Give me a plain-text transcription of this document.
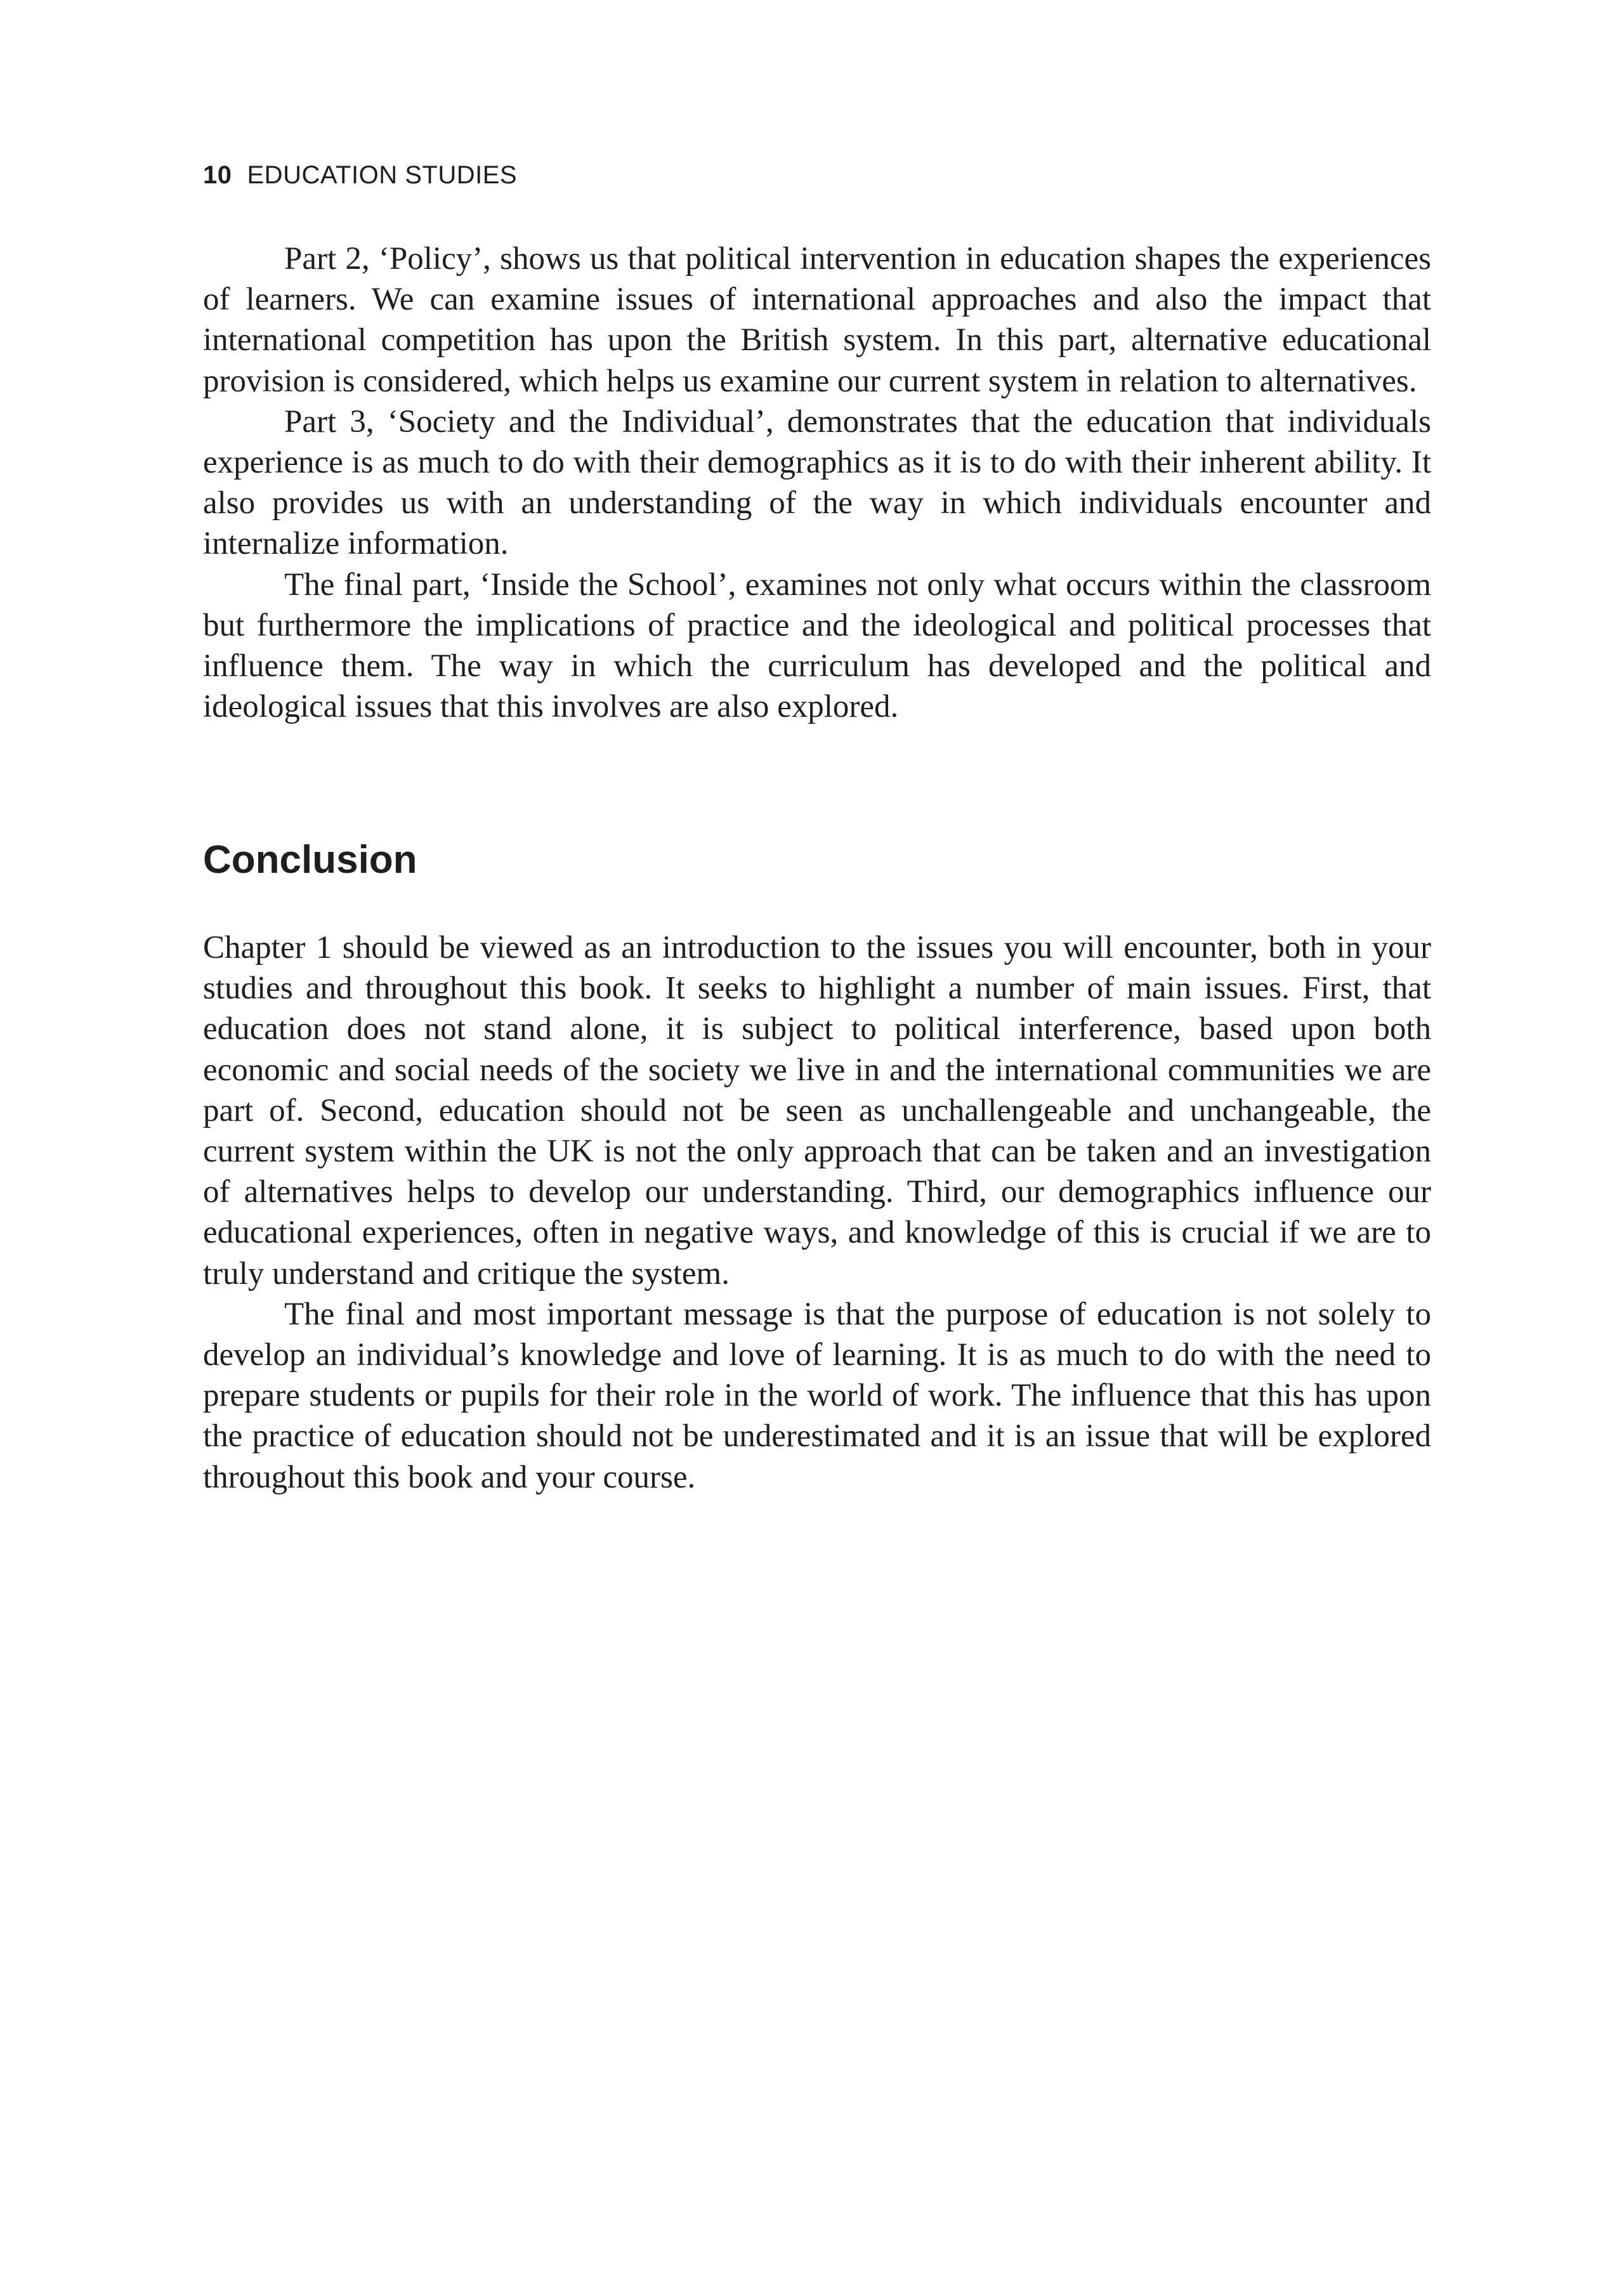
10 EDUCATION STUDIES

Part 2, ‘Policy’, shows us that political intervention in education shapes the experiences of learners. We can examine issues of international approaches and also the impact that international competition has upon the British system. In this part, alternative educational provision is considered, which helps us examine our current system in relation to alternatives.

Part 3, ‘Society and the Individual’, demonstrates that the education that individuals experience is as much to do with their demographics as it is to do with their inherent ability. It also provides us with an understanding of the way in which individuals encounter and internalize information.

The final part, ‘Inside the School’, examines not only what occurs within the classroom but furthermore the implications of practice and the ideological and political processes that influence them. The way in which the curriculum has developed and the political and ideological issues that this involves are also explored.

Conclusion

Chapter 1 should be viewed as an introduction to the issues you will encounter, both in your studies and throughout this book. It seeks to highlight a number of main issues. First, that education does not stand alone, it is subject to political interference, based upon both economic and social needs of the society we live in and the international communities we are part of. Second, education should not be seen as unchallengeable and unchangeable, the current system within the UK is not the only approach that can be taken and an investigation of alternatives helps to develop our understanding. Third, our demographics influence our educational experiences, often in negative ways, and knowledge of this is crucial if we are to truly understand and critique the system.

The final and most important message is that the purpose of education is not solely to develop an individual’s knowledge and love of learning. It is as much to do with the need to prepare students or pupils for their role in the world of work. The influence that this has upon the practice of education should not be underestimated and it is an issue that will be explored throughout this book and your course.
